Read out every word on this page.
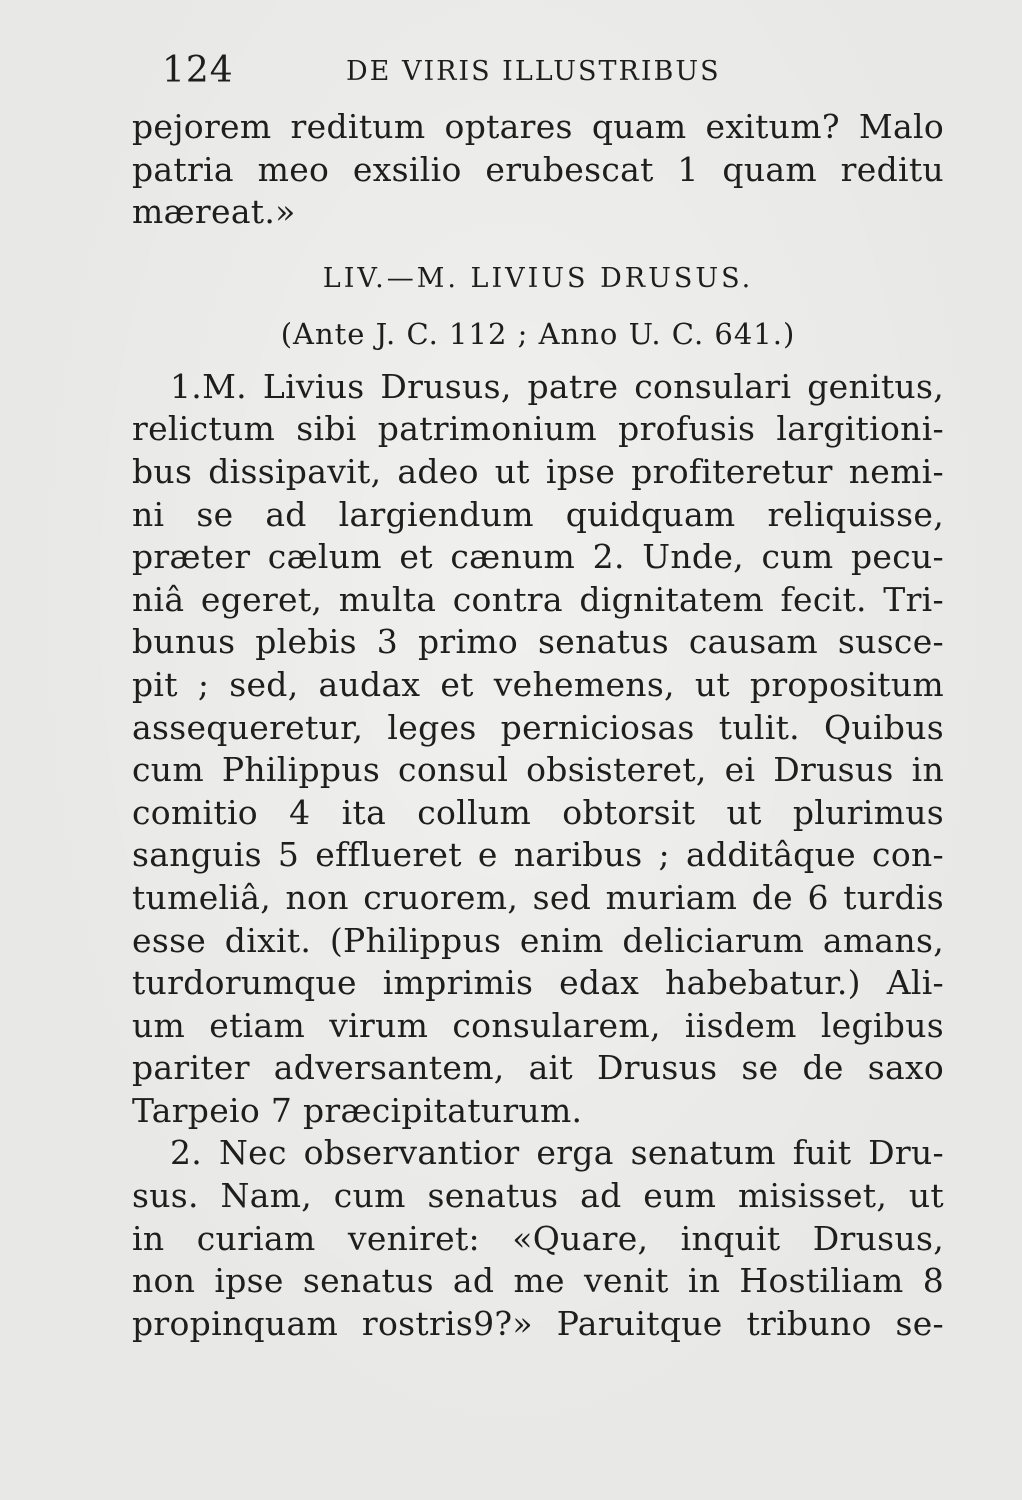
124	DE VIRIS ILLUSTRIBUS
pejorem reditum optares quam exitum? Malo
patria meo exsilio erubescat 1 quam reditu
mæreat.»
LIV.—M. LIVIUS DRUSUS.
(Ante J. C. 112 ; Anno U. C. 641.)
1.M. Livius Drusus, patre consulari genitus,
relictum sibi patrimonium profusis largitioni-
bus dissipavit, adeo ut ipse profiteretur nemi-
ni se ad largiendum quidquam reliquisse,
præter cælum et cænum 2. Unde, cum pecu-
niâ egeret, multa contra dignitatem fecit. Tri-
bunus plebis 3 primo senatus causam susce-
pit ; sed, audax et vehemens, ut propositum
assequeretur, leges perniciosas tulit. Quibus
cum Philippus consul obsisteret, ei Drusus in
comitio 4 ita collum obtorsit ut plurimus
sanguis 5 efflueret e naribus ; additâque con-
tumeliâ, non cruorem, sed muriam de 6 turdis
esse dixit. (Philippus enim deliciarum amans,
turdorumque imprimis edax habebatur.) Ali-
um etiam virum consularem, iisdem legibus
pariter adversantem, ait Drusus se de saxo
Tarpeio 7 præcipitaturum.
2. Nec observantior erga senatum fuit Dru-
sus. Nam, cum senatus ad eum misisset, ut
in curiam veniret: «Quare, inquit Drusus,
non ipse senatus ad me venit in Hostiliam 8
propinquam rostris9?» Paruitque tribuno se-
